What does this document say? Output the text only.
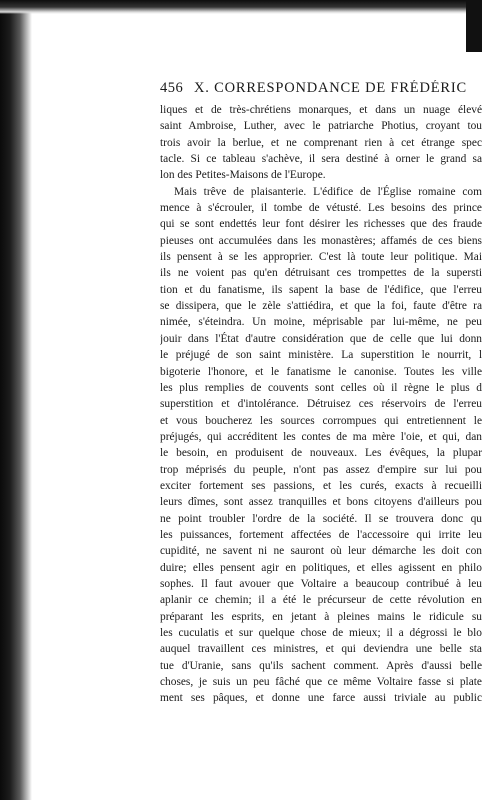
456 X. CORRESPONDANCE DE FRÉDÉRIC
liques et de très-chrétiens monarques, et dans un nuage élevé
saint Ambroise, Luther, avec le patriarche Photius, croyant tou
trois avoir la berlue, et ne comprenant rien à cet étrange spec
tacle. Si ce tableau s'achève, il sera destiné à orner le grand sa
lon des Petites-Maisons de l'Europe.
Mais trêve de plaisanterie. L'édifice de l'Église romaine com
mence à s'écrouler, il tombe de vétusté. Les besoins des prince
qui se sont endettés leur font désirer les richesses que des fraude
pieuses ont accumulées dans les monastères; affamés de ces biens
ils pensent à se les approprier. C'est là toute leur politique. Mai
ils ne voient pas qu'en détruisant ces trompettes de la supersti
tion et du fanatisme, ils sapent la base de l'édifice, que l'erreu
se dissipera, que le zèle s'attiédira, et que la foi, faute d'être ra
nimée, s'éteindra. Un moine, méprisable par lui-même, ne peu
jouir dans l'État d'autre considération que de celle que lui donn
le préjugé de son saint ministère. La superstition le nourrit, l
bigoterie l'honore, et le fanatisme le canonise. Toutes les ville
les plus remplies de couvents sont celles où il règne le plus d
superstition et d'intolérance. Détruisez ces réservoirs de l'erreu
et vous boucherez les sources corrompues qui entretiennent le
préjugés, qui accréditent les contes de ma mère l'oie, et qui, dan
le besoin, en produisent de nouveaux. Les évêques, la plupar
trop méprisés du peuple, n'ont pas assez d'empire sur lui pou
exciter fortement ses passions, et les curés, exacts à recueilli
leurs dîmes, sont assez tranquilles et bons citoyens d'ailleurs pou
ne point troubler l'ordre de la société. Il se trouvera donc qu
les puissances, fortement affectées de l'accessoire qui irrite leu
cupidité, ne savent ni ne sauront où leur démarche les doit con
duire; elles pensent agir en politiques, et elles agissent en philo
sophes. Il faut avouer que Voltaire a beaucoup contribué à leu
aplanir ce chemin; il a été le précurseur de cette révolution en
préparant les esprits, en jetant à pleines mains le ridicule su
les cuculatis et sur quelque chose de mieux; il a dégrossi le blo
auquel travaillent ces ministres, et qui deviendra une belle sta
tue d'Uranie, sans qu'ils sachent comment. Après d'aussi belle
choses, je suis un peu fâché que ce même Voltaire fasse si plate
ment ses pâques, et donne une farce aussi triviale au public
